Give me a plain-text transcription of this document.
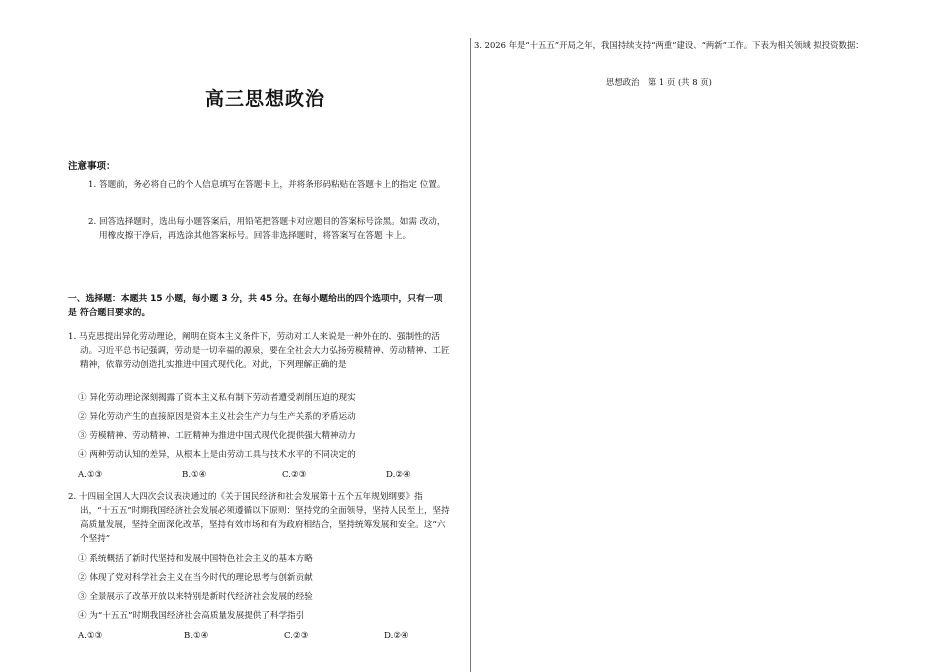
高三思想政治
注意事项：
1. 答题前，务必将自己的个人信息填写在答题卡上，并将条形码粘贴在答题卡上的指定 位置。
2. 回答选择题时，选出每小题答案后，用铅笔把答题卡对应题目的答案标号涂黑。如需 改动，用橡皮擦干净后，再选涂其他答案标号。回答非选择题时，将答案写在答题 卡上。
一、选择题：本题共 15 小题，每小题 3 分，共 45 分。在每小题给出的四个选项中，只有一项是 符合题目要求的。
1. 马克思提出异化劳动理论，阐明在资本主义条件下，劳动对工人来说是一种外在的、强制性的活动。习近平总书记强调，劳动是一切幸福的源泉，要在全社会大力弘扬劳模精神、劳动精神、工匠精神，依靠劳动创造扎实推进中国式现代化。对此，下列理解正确的是
① 异化劳动理论深刻揭露了资本主义私有制下劳动者遭受剥削压迫的现实
② 异化劳动产生的直接原因是资本主义社会生产力与生产关系的矛盾运动
③ 劳模精神、劳动精神、工匠精神为推进中国式现代化提供强大精神动力
④ 两种劳动认知的差异，从根本上是由劳动工具与技术水平的不同决定的
A.①③	B.①④	C.②③	D.②④
2. 十四届全国人大四次会议表决通过的《关于国民经济和社会发展第十五个五年规划纲要》指出，“十五五”时期我国经济社会发展必须遵循以下原则：坚持党的全面领导，坚持人民至上，坚持高质量发展，坚持全面深化改革，坚持有效市场和有为政府相结合，坚持统筹发展和安全。这“六个坚持”
① 系统概括了新时代坚持和发展中国特色社会主义的基本方略
② 体现了党对科学社会主义在当今时代的理论思考与创新贡献
③ 全景展示了改革开放以来特别是新时代经济社会发展的经验
④ 为“十五五”时期我国经济社会高质量发展提供了科学指引
A.①③	B.①④	C.②③	D.②④
3. 2026 年是“十五五”开局之年，我国持续支持“两重”建设、“两新”工作。下表为相关领域 拟投资数据：
思想政治　第 1 页 (共 8 页)
